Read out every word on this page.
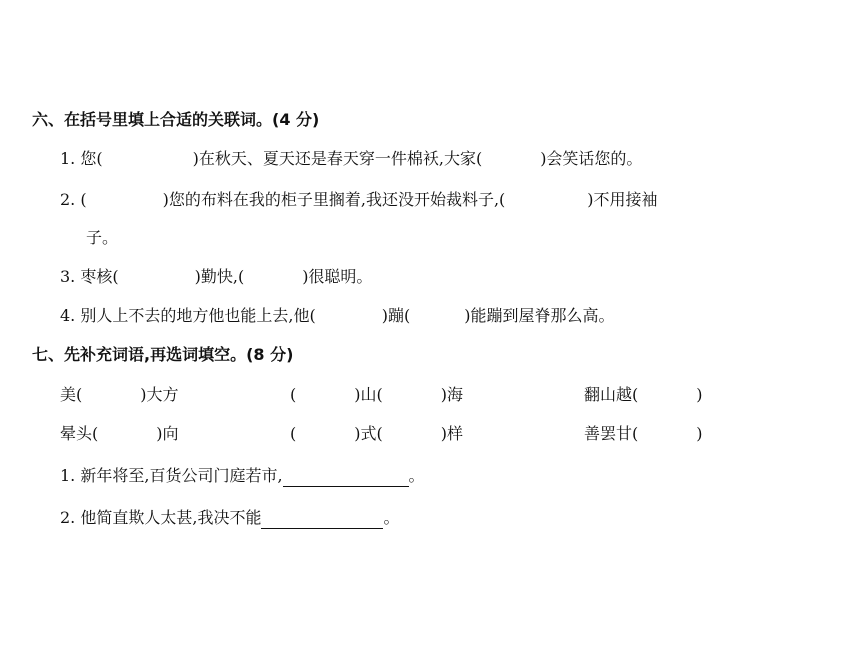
六、在括号里填上合适的关联词。(4 分)
1. 您(	)在秋天、夏天还是春天穿一件棉袄,大家(	)会笑话您的。
2. (	)您的布料在我的柜子里搁着,我还没开始裁料子,(	)不用接袖
子。
3. 枣核(	)勤快,(	)很聪明。
4. 别人上不去的地方他也能上去,他(	)蹦(	)能蹦到屋脊那么高。
七、先补充词语,再选词填空。(8 分)
美(	)大方	(	)山(	)海	翻山越(	)
晕头(	)向	(	)式(	)样	善罢甘(	)
1. 新年将至,百货公司门庭若市,	。
2. 他简直欺人太甚,我决不能	。
